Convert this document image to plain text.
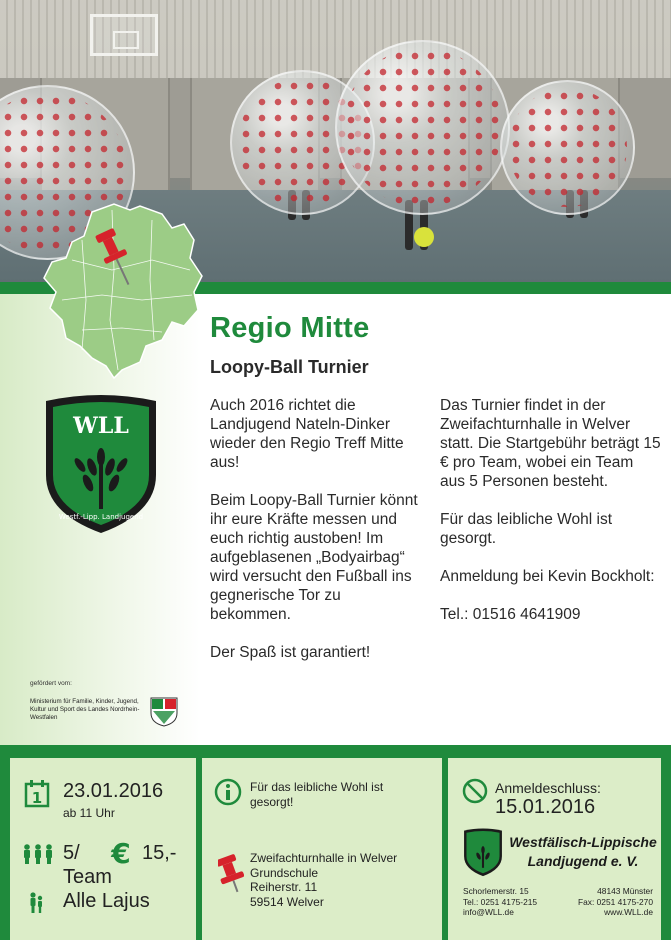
WLL
Westf.-Lipp. Landjugend
Regio Mitte
Loopy-Ball Turnier

Auch 2016 richtet die Landjugend Nateln-Dinker wieder den Regio Treff Mitte aus!

Beim Loopy-Ball Turnier könnt ihr eure Kräfte messen und euch richtig austoben! Im aufgeblasenen „Bodyairbag“ wird versucht den Fußball ins gegnerische Tor zu bekommen.

Der Spaß ist garantiert!

Das Turnier findet in der Zweifachturnhalle in Welver statt. Die Startgebühr beträgt 15 € pro Team, wobei ein Team aus 5 Personen besteht.

Für das leibliche Wohl ist gesorgt.

Anmeldung bei Kevin Bockholt:

Tel.: 01516 4641909

gefördert vom:
Ministerium für Familie, Kinder, Jugend, Kultur und Sport des Landes Nordrhein-Westfalen
1 23.01.2016
ab 11 Uhr
5/ € 15,-
Team
Alle Lajus
Für das leibliche Wohl ist gesorgt!
Zweifachturnhalle in Welver
Grundschule
Reiherstr. 11
59514 Welver
Anmeldeschluss:
15.01.2016
Westfälisch-Lippische
Landjugend e. V.
Schorlemerstr. 15	48143 Münster
Tel.: 0251 4175-215	Fax: 0251 4175-270
info@WLL.de	www.WLL.de
